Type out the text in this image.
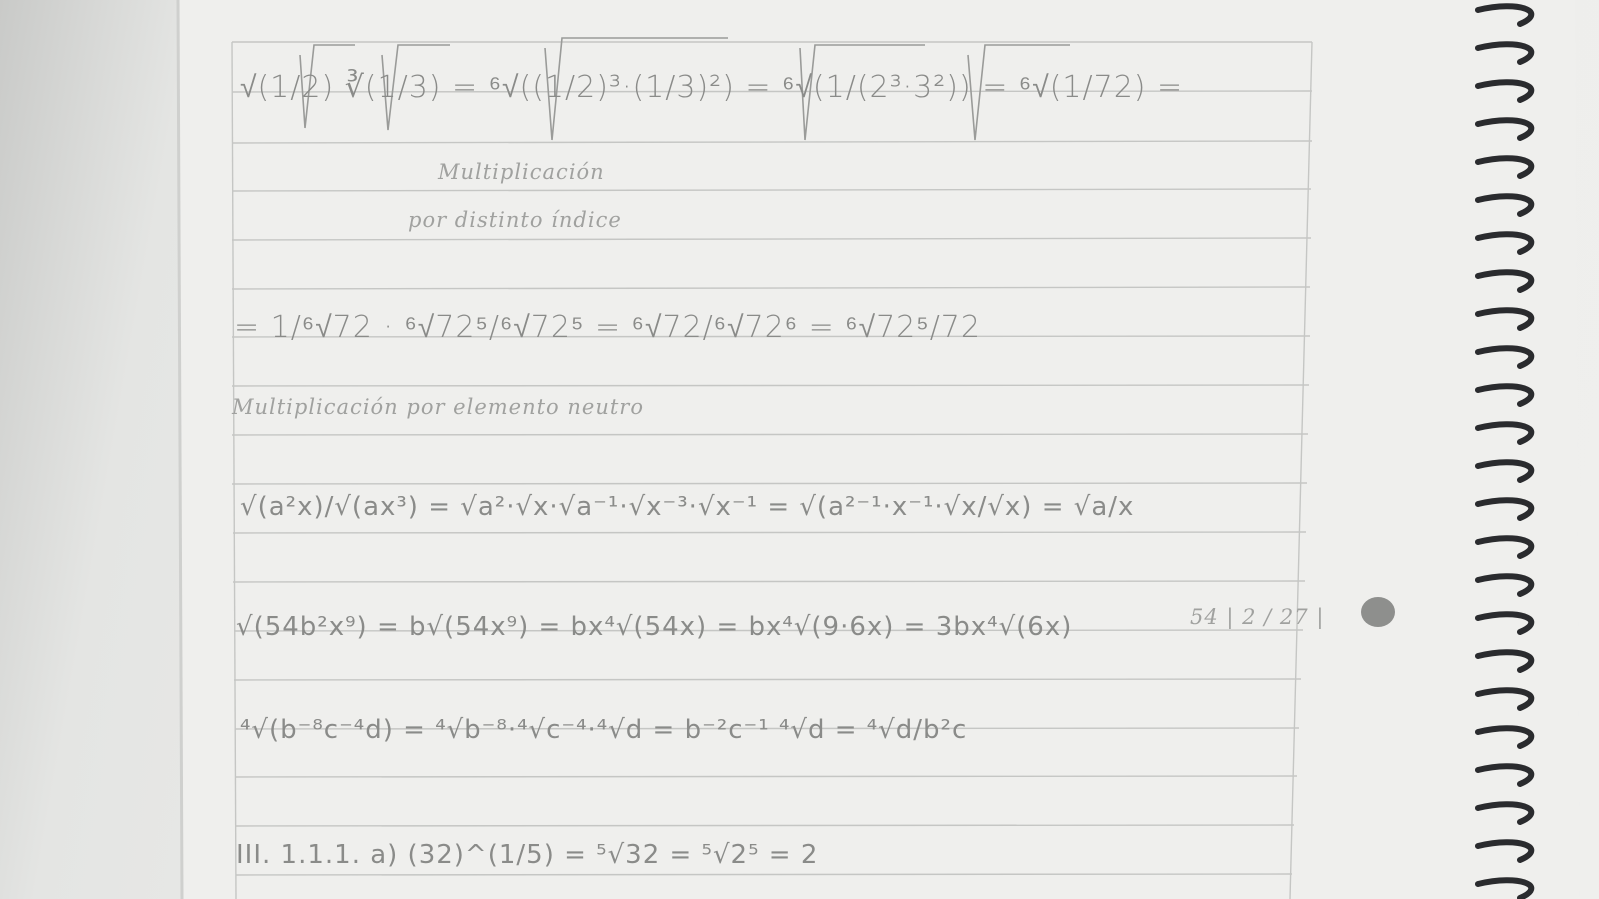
√(1/2) ∛(1/3) = ⁶√((1/2)³·(1/3)²) = ⁶√(1/(2³·3²)) = ⁶√(1/72) =
Multiplicación
por distinto índice
= 1/⁶√72 · ⁶√72⁵/⁶√72⁵ = ⁶√72/⁶√72⁶ = ⁶√72⁵/72
Multiplicación por elemento neutro
√(a²x)/√(ax³) = √a²·√x·√a⁻¹·√x⁻³·√x⁻¹ = √(a²⁻¹·x⁻¹·√x/√x) = √a/x
√(54b²x⁹) = b√(54x⁹) = bx⁴√(54x) = bx⁴√(9·6x) = 3bx⁴√(6x)	54 | 2 / 27 |
⁴√(b⁻⁸c⁻⁴d) = ⁴√b⁻⁸·⁴√c⁻⁴·⁴√d = b⁻²c⁻¹ ⁴√d = ⁴√d/b²c
III. 1.1.1. a) (32)^(1/5) = ⁵√32 = ⁵√2⁵ = 2
